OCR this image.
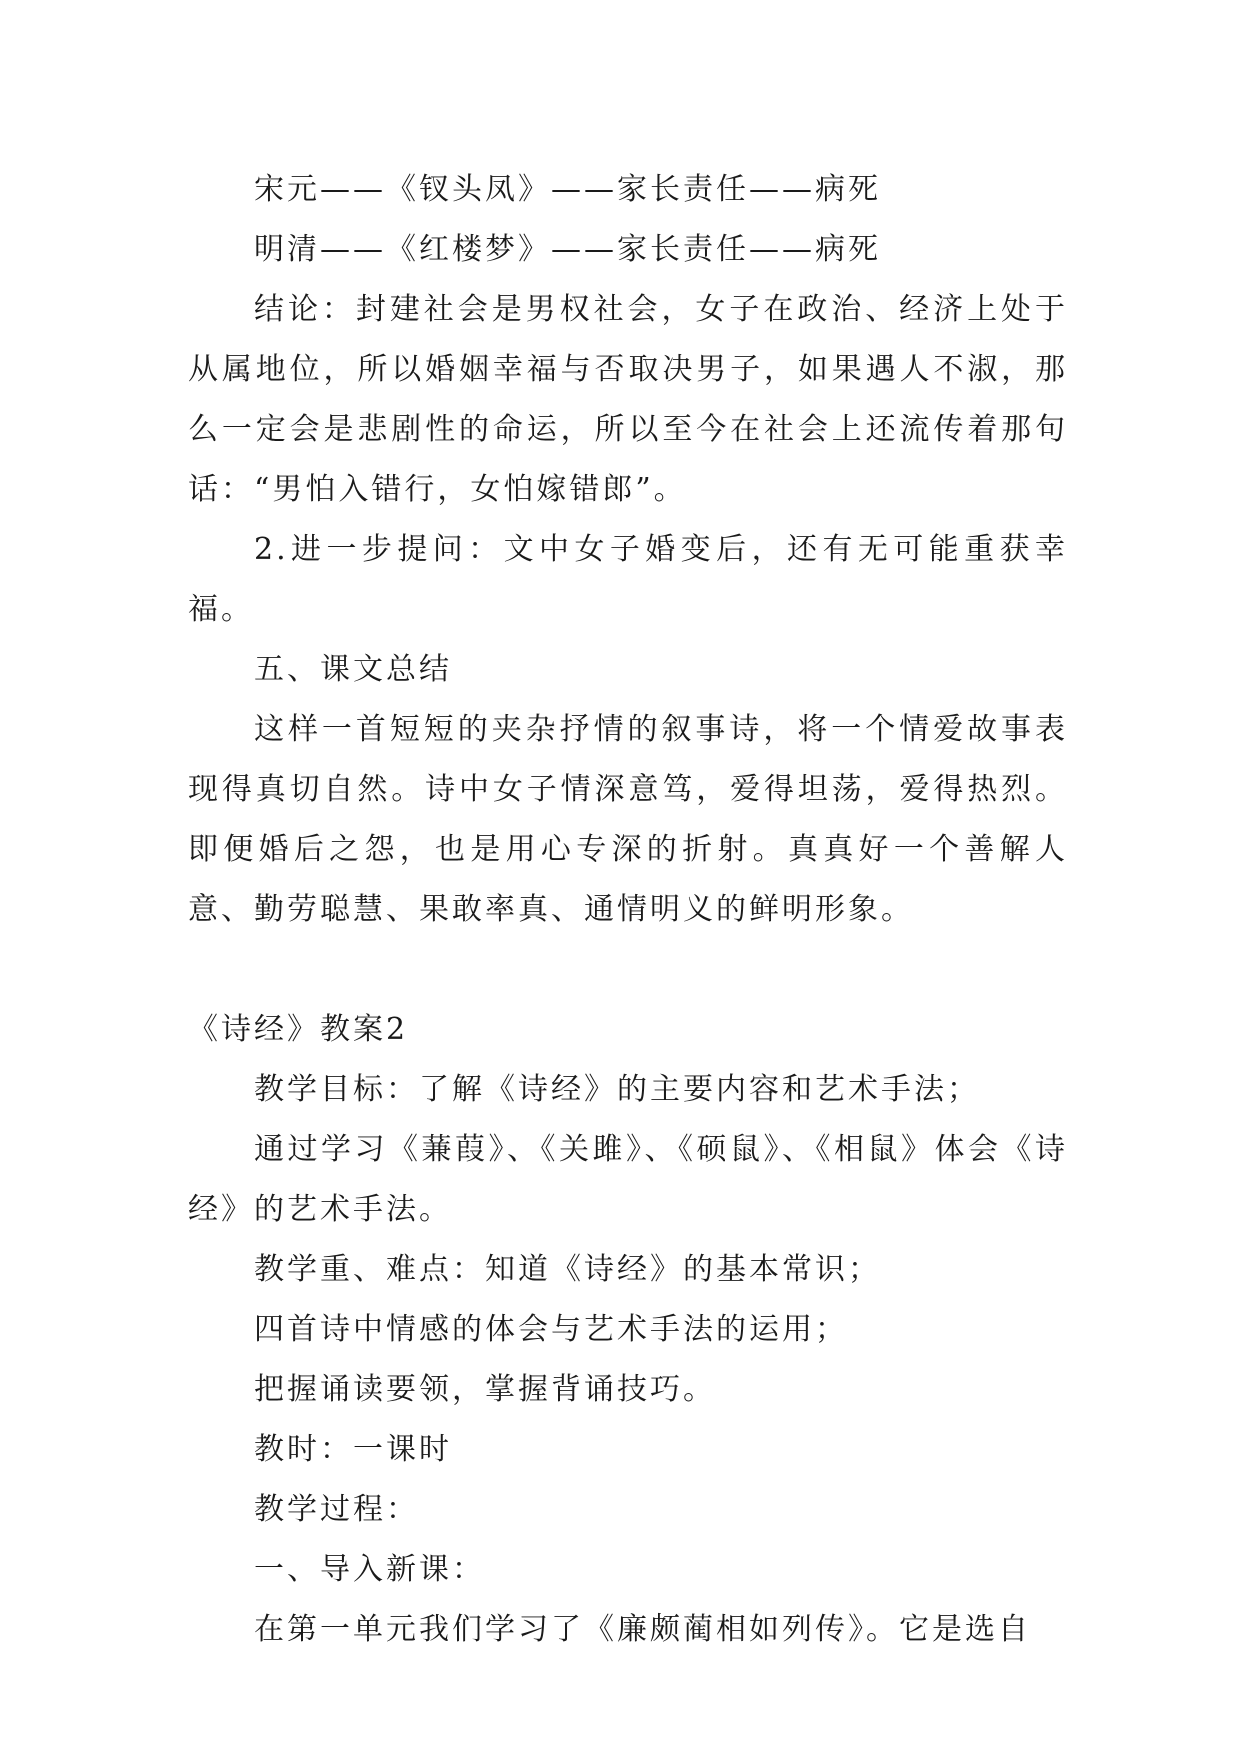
宋元——《钗头凤》——家长责任——病死

明清——《红楼梦》——家长责任——病死

结论：封建社会是男权社会，女子在政治、经济上处于从属地位，所以婚姻幸福与否取决男子，如果遇人不淑，那么一定会是悲剧性的命运，所以至今在社会上还流传着那句话：“男怕入错行，女怕嫁错郎”。

2.进一步提问：文中女子婚变后，还有无可能重获幸福。

五、课文总结

这样一首短短的夹杂抒情的叙事诗，将一个情爱故事表现得真切自然。诗中女子情深意笃，爱得坦荡，爱得热烈。即便婚后之怨，也是用心专深的折射。真真好一个善解人意、勤劳聪慧、果敢率真、通情明义的鲜明形象。

《诗经》教案2

教学目标：了解《诗经》的主要内容和艺术手法；

通过学习《蒹葭》、《关雎》、《硕鼠》、《相鼠》体会《诗经》的艺术手法。

教学重、难点：知道《诗经》的基本常识；

四首诗中情感的体会与艺术手法的运用；

把握诵读要领，掌握背诵技巧。

教时：一课时

教学过程：

一、导入新课：

在第一单元我们学习了《廉颇蔺相如列传》。它是选自
